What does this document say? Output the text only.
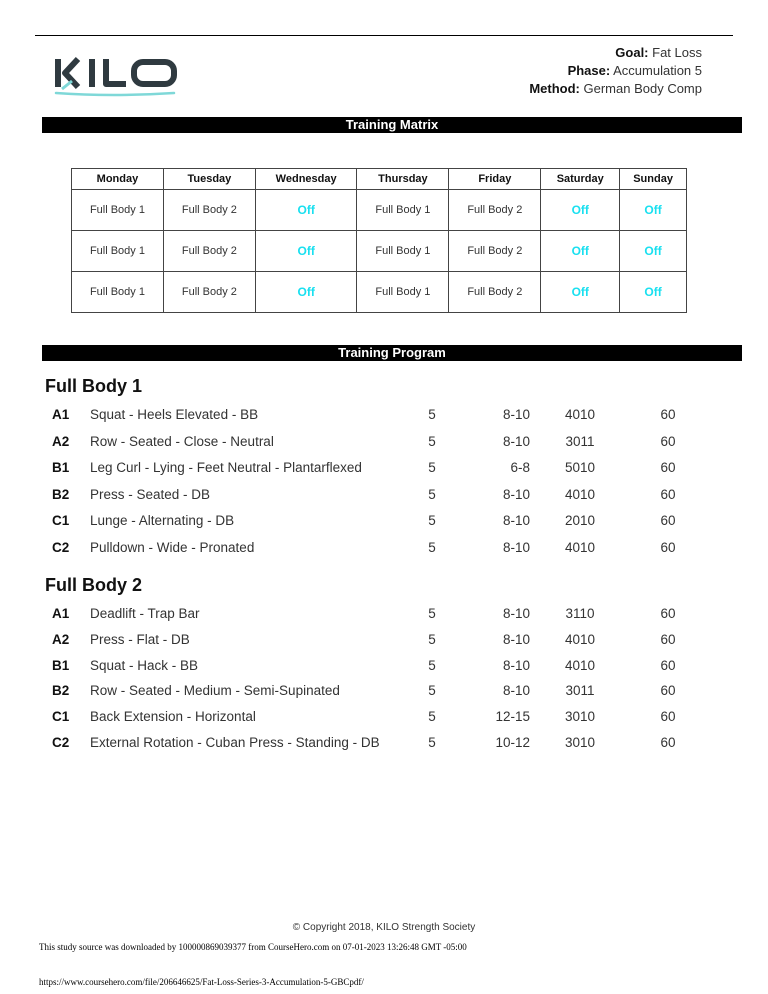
Goal: Fat Loss
Phase: Accumulation 5
Method: German Body Comp
Training Matrix
Monday	Tuesday	Wednesday	Thursday	Friday	Saturday	Sunday
Full Body 1	Full Body 2	Off	Full Body 1	Full Body 2	Off	Off
Full Body 1	Full Body 2	Off	Full Body 1	Full Body 2	Off	Off
Full Body 1	Full Body 2	Off	Full Body 1	Full Body 2	Off	Off
Training Program
Full Body 1
A1 Squat - Heels Elevated - BB	5	8-10	4010	60
A2 Row - Seated - Close - Neutral	5	8-10	3011	60
B1 Leg Curl - Lying - Feet Neutral - Plantarflexed	5	6-8	5010	60
B2 Press - Seated - DB	5	8-10	4010	60
C1 Lunge - Alternating - DB	5	8-10	2010	60
C2 Pulldown - Wide - Pronated	5	8-10	4010	60
Full Body 2
A1 Deadlift - Trap Bar	5	8-10	3110	60
A2 Press - Flat - DB	5	8-10	4010	60
B1 Squat - Hack - BB	5	8-10	4010	60
B2 Row - Seated - Medium - Semi-Supinated	5	8-10	3011	60
C1 Back Extension - Horizontal	5	12-15	3010	60
C2 External Rotation - Cuban Press - Standing - DB	5	10-12	3010	60
© Copyright 2018, KILO Strength Society
This study source was downloaded by 100000869039377 from CourseHero.com on 07-01-2023 13:26:48 GMT -05:00
https://www.coursehero.com/file/206646625/Fat-Loss-Series-3-Accumulation-5-GBCpdf/
